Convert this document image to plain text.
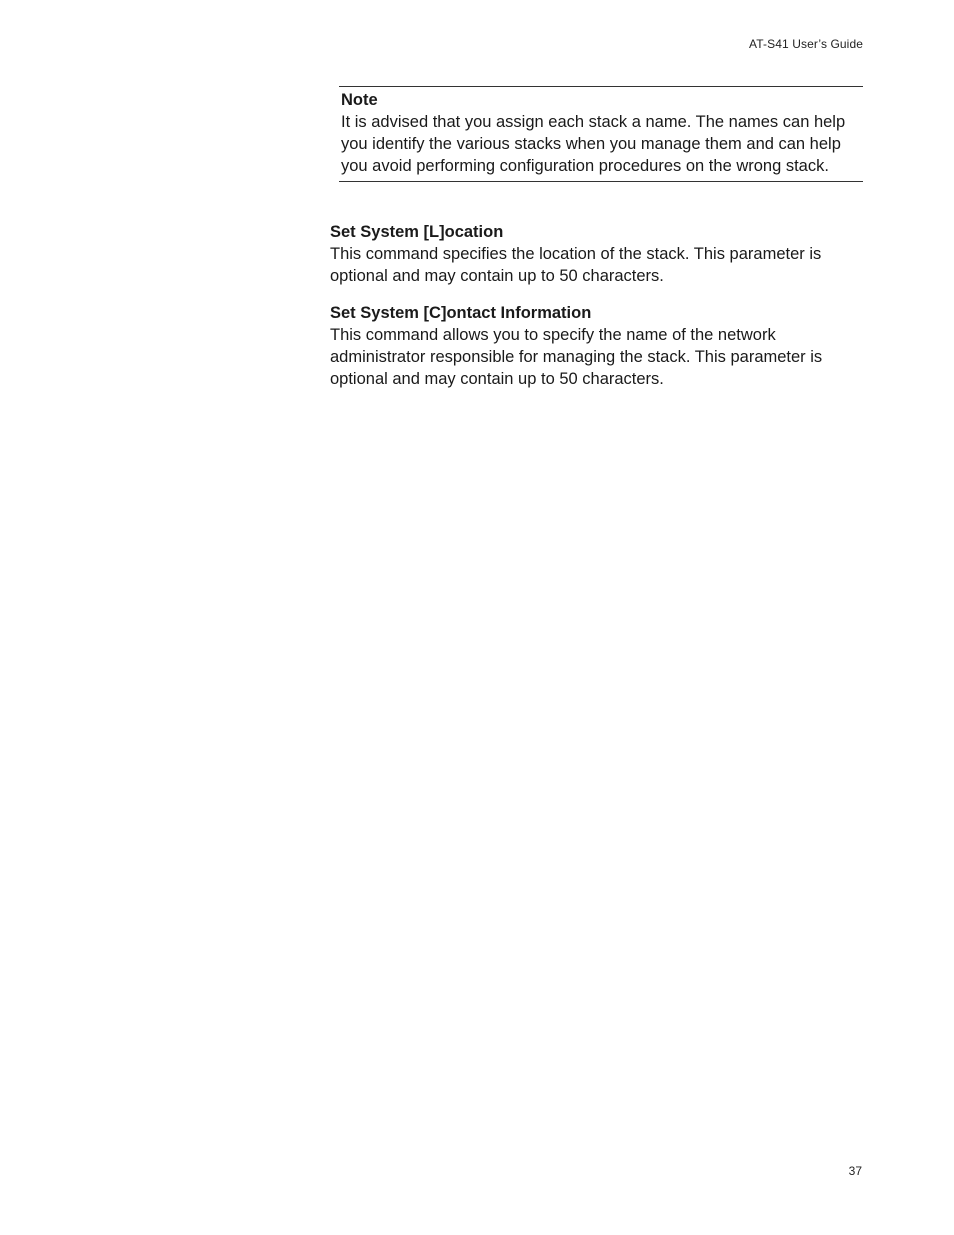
AT-S41 User’s Guide
Note

It is advised that you assign each stack a name. The names can help you identify the various stacks when you manage them and can help you avoid performing configuration procedures on the wrong stack.

Set System [L]ocation

This command specifies the location of the stack. This parameter is optional and may contain up to 50 characters.

Set System [C]ontact Information

This command allows you to specify the name of the network administrator responsible for managing the stack. This parameter is optional and may contain up to 50 characters.

37
